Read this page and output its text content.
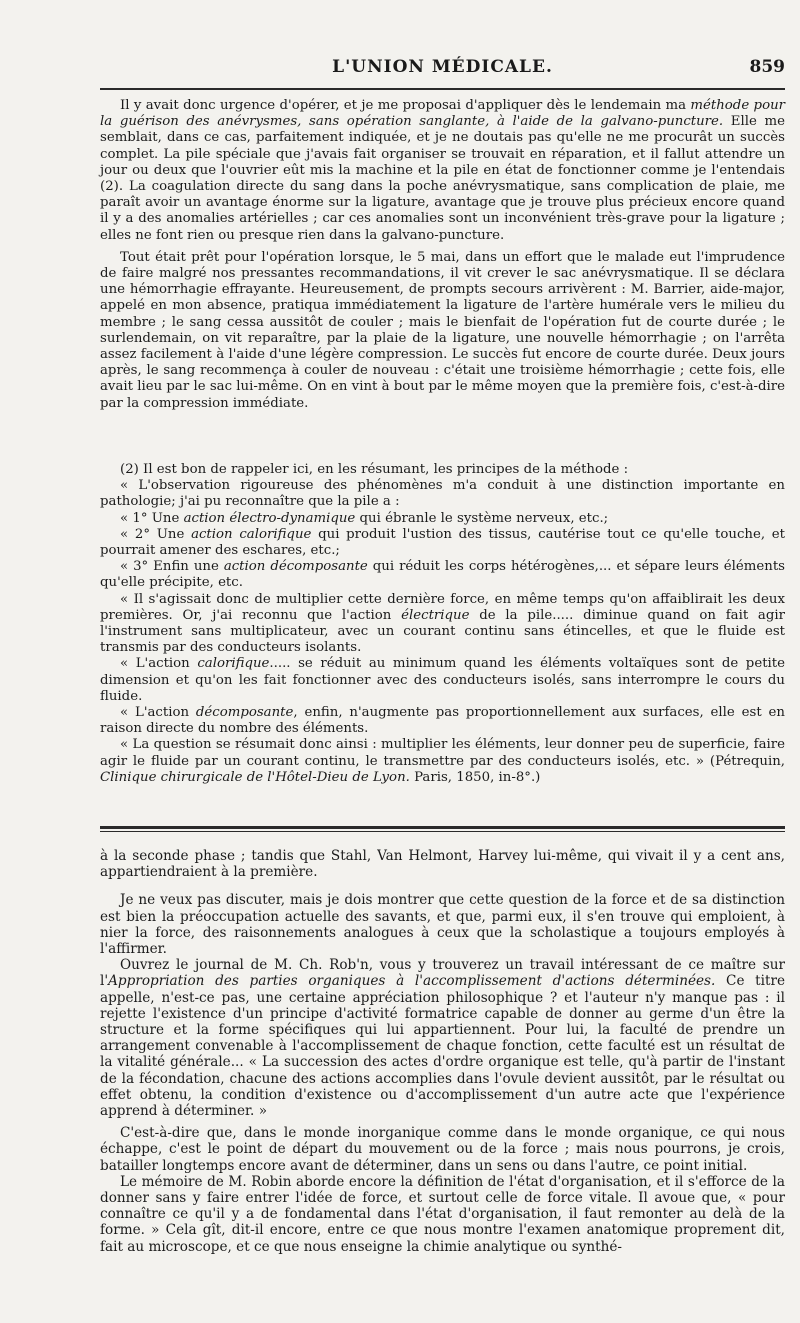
L'UNION MÉDICALE.	859

Il y avait donc urgence d'opérer, et je me proposai d'appliquer dès le lendemain ma méthode pour la guérison des anévrysmes, sans opération sanglante, à l'aide de la galvano-puncture. Elle me semblait, dans ce cas, parfaitement indiquée, et je ne doutais pas qu'elle ne me procurât un succès complet. La pile spéciale que j'avais fait organiser se trouvait en réparation, et il fallut attendre un jour ou deux que l'ouvrier eût mis la machine et la pile en état de fonctionner comme je l'entendais (2). La coagulation directe du sang dans la poche anévrysmatique, sans complication de plaie, me paraît avoir un avantage énorme sur la ligature, avantage que je trouve plus précieux encore quand il y a des anomalies artérielles ; car ces anomalies sont un inconvénient très-grave pour la ligature ; elles ne font rien ou presque rien dans la galvano-puncture.

Tout était prêt pour l'opération lorsque, le 5 mai, dans un effort que le malade eut l'imprudence de faire malgré nos pressantes recommandations, il vit crever le sac anévrysmatique. Il se déclara une hémorrhagie effrayante. Heureusement, de prompts secours arrivèrent : M. Barrier, aide-major, appelé en mon absence, pratiqua immédiatement la ligature de l'artère humérale vers le milieu du membre ; le sang cessa aussitôt de couler ; mais le bienfait de l'opération fut de courte durée ; le surlendemain, on vit reparaître, par la plaie de la ligature, une nouvelle hémorrhagie ; on l'arrêta assez facilement à l'aide d'une légère compression. Le succès fut encore de courte durée. Deux jours après, le sang recommença à couler de nouveau : c'était une troisième hémorrhagie ; cette fois, elle avait lieu par le sac lui-même. On en vint à bout par le même moyen que la première fois, c'est-à-dire par la compression immédiate.

(2) Il est bon de rappeler ici, en les résumant, les principes de la méthode :

« L'observation rigoureuse des phénomènes m'a conduit à une distinction importante en pathologie; j'ai pu reconnaître que la pile a :

« 1° Une action électro-dynamique qui ébranle le système nerveux, etc.;

« 2° Une action calorifique qui produit l'ustion des tissus, cautérise tout ce qu'elle touche, et pourrait amener des eschares, etc.;

« 3° Enfin une action décomposante qui réduit les corps hétérogènes,... et sépare leurs éléments qu'elle précipite, etc.

« Il s'agissait donc de multiplier cette dernière force, en même temps qu'on affaiblirait les deux premières. Or, j'ai reconnu que l'action électrique de la pile..... diminue quand on fait agir l'instrument sans multiplicateur, avec un courant continu sans étincelles, et que le fluide est transmis par des conducteurs isolants.

« L'action calorifique..... se réduit au minimum quand les éléments voltaïques sont de petite dimension et qu'on les fait fonctionner avec des conducteurs isolés, sans interrompre le cours du fluide.

« L'action décomposante, enfin, n'augmente pas proportionnellement aux surfaces, elle est en raison directe du nombre des éléments.

« La question se résumait donc ainsi : multiplier les éléments, leur donner peu de superficie, faire agir le fluide par un courant continu, le transmettre par des conducteurs isolés, etc. » (Pétrequin, Clinique chirurgicale de l'Hôtel-Dieu de Lyon. Paris, 1850, in-8°.)

à la seconde phase ; tandis que Stahl, Van Helmont, Harvey lui-même, qui vivait il y a cent ans, appartiendraient à la première.

Je ne veux pas discuter, mais je dois montrer que cette question de la force et de sa distinction est bien la préoccupation actuelle des savants, et que, parmi eux, il s'en trouve qui emploient, à nier la force, des raisonnements analogues à ceux que la scholastique a toujours employés à l'affirmer.

Ouvrez le journal de M. Ch. Rob'n, vous y trouverez un travail intéressant de ce maître sur l'Appropriation des parties organiques à l'accomplissement d'actions déterminées. Ce titre appelle, n'est-ce pas, une certaine appréciation philosophique ? et l'auteur n'y manque pas : il rejette l'existence d'un principe d'activité formatrice capable de donner au germe d'un être la structure et la forme spécifiques qui lui appartiennent. Pour lui, la faculté de prendre un arrangement convenable à l'accomplissement de chaque fonction, cette faculté est un résultat de la vitalité générale... « La succession des actes d'ordre organique est telle, qu'à partir de l'instant de la fécondation, chacune des actions accomplies dans l'ovule devient aussitôt, par le résultat ou effet obtenu, la condition d'existence ou d'accomplissement d'un autre acte que l'expérience apprend à déterminer. »

C'est-à-dire que, dans le monde inorganique comme dans le monde organique, ce qui nous échappe, c'est le point de départ du mouvement ou de la force ; mais nous pourrons, je crois, batailler longtemps encore avant de déterminer, dans un sens ou dans l'autre, ce point initial.

Le mémoire de M. Robin aborde encore la définition de l'état d'organisation, et il s'efforce de la donner sans y faire entrer l'idée de force, et surtout celle de force vitale. Il avoue que, « pour connaître ce qu'il y a de fondamental dans l'état d'organisation, il faut remonter au delà de la forme. » Cela gît, dit-il encore, entre ce que nous montre l'examen anatomique proprement dit, fait au microscope, et ce que nous enseigne la chimie analytique ou synthé-
